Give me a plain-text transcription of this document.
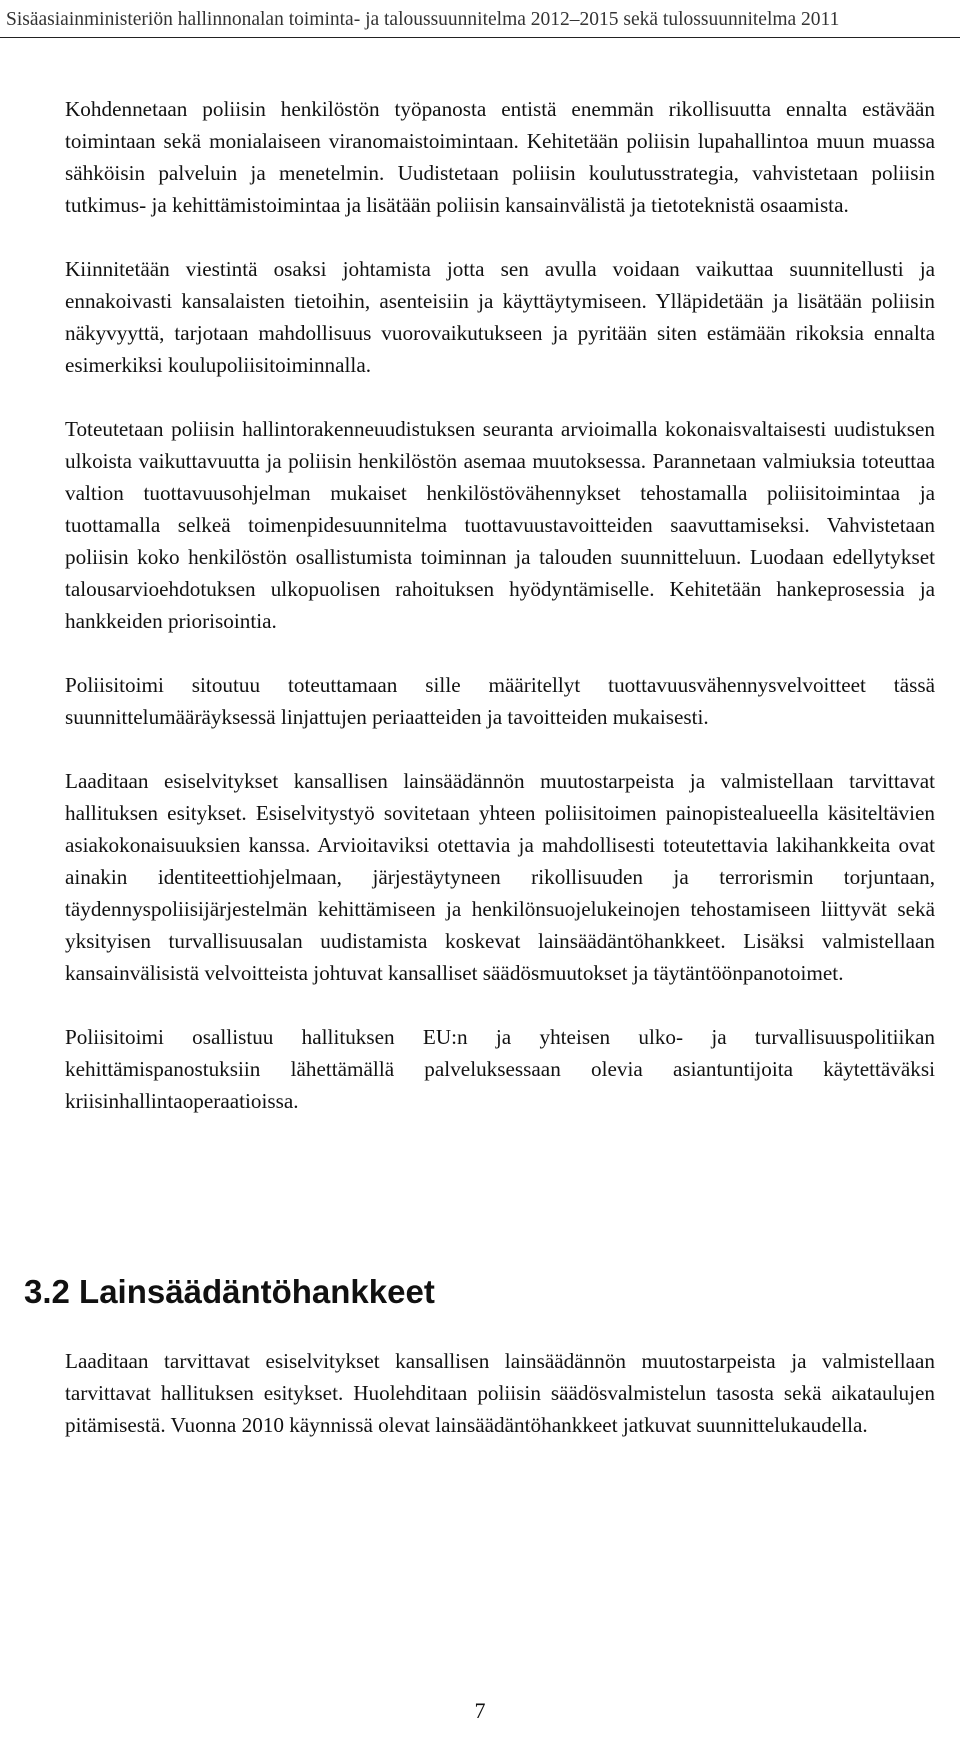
Sisäasiainministeriön hallinnonalan toiminta- ja taloussuunnitelma 2012–2015 sekä tulossuunnitelma 2011

Kohdennetaan poliisin henkilöstön työpanosta entistä enemmän rikollisuutta ennalta estävään toimintaan sekä monialaiseen viranomaistoimintaan. Kehitetään poliisin lupahallintoa muun muassa sähköisin palveluin ja menetelmin. Uudistetaan poliisin koulutusstrategia, vahvistetaan poliisin tutkimus- ja kehittämistoimintaa ja lisätään poliisin kansainvälistä ja tietoteknistä osaamista.

Kiinnitetään viestintä osaksi johtamista jotta sen avulla voidaan vaikuttaa suunnitellusti ja ennakoivasti kansalaisten tietoihin, asenteisiin ja käyttäytymiseen. Ylläpidetään ja lisätään poliisin näkyvyyttä, tarjotaan mahdollisuus vuorovaikutukseen ja pyritään siten estämään rikoksia ennalta esimerkiksi koulupoliisitoiminnalla.

Toteutetaan poliisin hallintorakenneuudistuksen seuranta arvioimalla kokonaisvaltaisesti uudistuksen ulkoista vaikuttavuutta ja poliisin henkilöstön asemaa muutoksessa. Parannetaan valmiuksia toteuttaa valtion tuottavuusohjelman mukaiset henkilöstövähennykset tehostamalla poliisitoimintaa ja tuottamalla selkeä toimenpidesuunnitelma tuottavuustavoitteiden saavuttamiseksi. Vahvistetaan poliisin koko henkilöstön osallistumista toiminnan ja talouden suunnitteluun. Luodaan edellytykset talousarvioehdotuksen ulkopuolisen rahoituksen hyödyntämiselle. Kehitetään hankeprosessia ja hankkeiden priorisointia.

Poliisitoimi sitoutuu toteuttamaan sille määritellyt tuottavuusvähennysvelvoitteet tässä suunnittelumääräyksessä linjattujen periaatteiden ja tavoitteiden mukaisesti.

Laaditaan esiselvitykset kansallisen lainsäädännön muutostarpeista ja valmistellaan tarvittavat hallituksen esitykset. Esiselvitystyö sovitetaan yhteen poliisitoimen painopistealueella käsiteltävien asiakokonaisuuksien kanssa. Arvioitaviksi otettavia ja mahdollisesti toteutettavia lakihankkeita ovat ainakin identiteettiohjelmaan, järjestäytyneen rikollisuuden ja terrorismin torjuntaan, täydennyspoliisijärjestelmän kehittämiseen ja henkilönsuojelukeinojen tehostamiseen liittyvät sekä yksityisen turvallisuusalan uudistamista koskevat lainsäädäntöhankkeet. Lisäksi valmistellaan kansainvälisistä velvoitteista johtuvat kansalliset säädösmuutokset ja täytäntöönpanotoimet.

Poliisitoimi osallistuu hallituksen EU:n ja yhteisen ulko- ja turvallisuuspolitiikan kehittämispanostuksiin lähettämällä palveluksessaan olevia asiantuntijoita käytettäväksi kriisinhallintaoperaatioissa.

3.2 Lainsäädäntöhankkeet

Laaditaan tarvittavat esiselvitykset kansallisen lainsäädännön muutostarpeista ja valmistellaan tarvittavat hallituksen esitykset. Huolehditaan poliisin säädösvalmistelun tasosta sekä aikataulujen pitämisestä. Vuonna 2010 käynnissä olevat lainsäädäntöhankkeet jatkuvat suunnittelukaudella.

7
